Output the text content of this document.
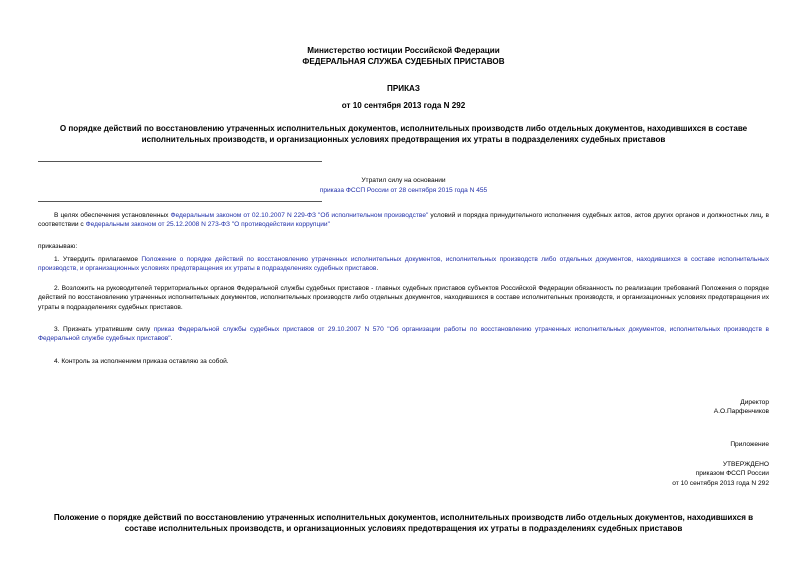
Министерство юстиции Российской Федерации
ФЕДЕРАЛЬНАЯ СЛУЖБА СУДЕБНЫХ ПРИСТАВОВ
ПРИКАЗ
от 10 сентября 2013 года N 292
О порядке действий по восстановлению утраченных исполнительных документов, исполнительных производств либо отдельных документов, находившихся в составе исполнительных производств, и организационных условиях предотвращения их утраты в подразделениях судебных приставов
Утратил силу на основании
приказа ФССП России от 28 сентября 2015 года N 455
В целях обеспечения установленных Федеральным законом от 02.10.2007 N 229-ФЗ "Об исполнительном производстве" условий и порядка принудительного исполнения судебных актов, актов других органов и должностных лиц, в соответствии с Федеральным законом от 25.12.2008 N 273-ФЗ "О противодействии коррупции"
приказываю:
1. Утвердить прилагаемое Положение о порядке действий по восстановлению утраченных исполнительных документов, исполнительных производств либо отдельных документов, находившихся в составе исполнительных производств, и организационных условиях предотвращения их утраты в подразделениях судебных приставов.
2. Возложить на руководителей территориальных органов Федеральной службы судебных приставов - главных судебных приставов субъектов Российской Федерации обязанность по реализации требований Положения о порядке действий по восстановлению утраченных исполнительных документов, исполнительных производств либо отдельных документов, находившихся в составе исполнительных производств, и организационных условиях предотвращения их утраты в подразделениях судебных приставов.
3. Признать утратившим силу приказ Федеральной службы судебных приставов от 29.10.2007 N 570 "Об организации работы по восстановлению утраченных исполнительных документов, исполнительных производств в Федеральной службе судебных приставов".
4. Контроль за исполнением приказа оставляю за собой.
Директор
А.О.Парфенчиков
Приложение
УТВЕРЖДЕНО
приказом ФССП России
от 10 сентября 2013 года N 292
Положение о порядке действий по восстановлению утраченных исполнительных документов, исполнительных производств либо отдельных документов, находившихся в составе исполнительных производств, и организационных условиях предотвращения их утраты в подразделениях судебных приставов
